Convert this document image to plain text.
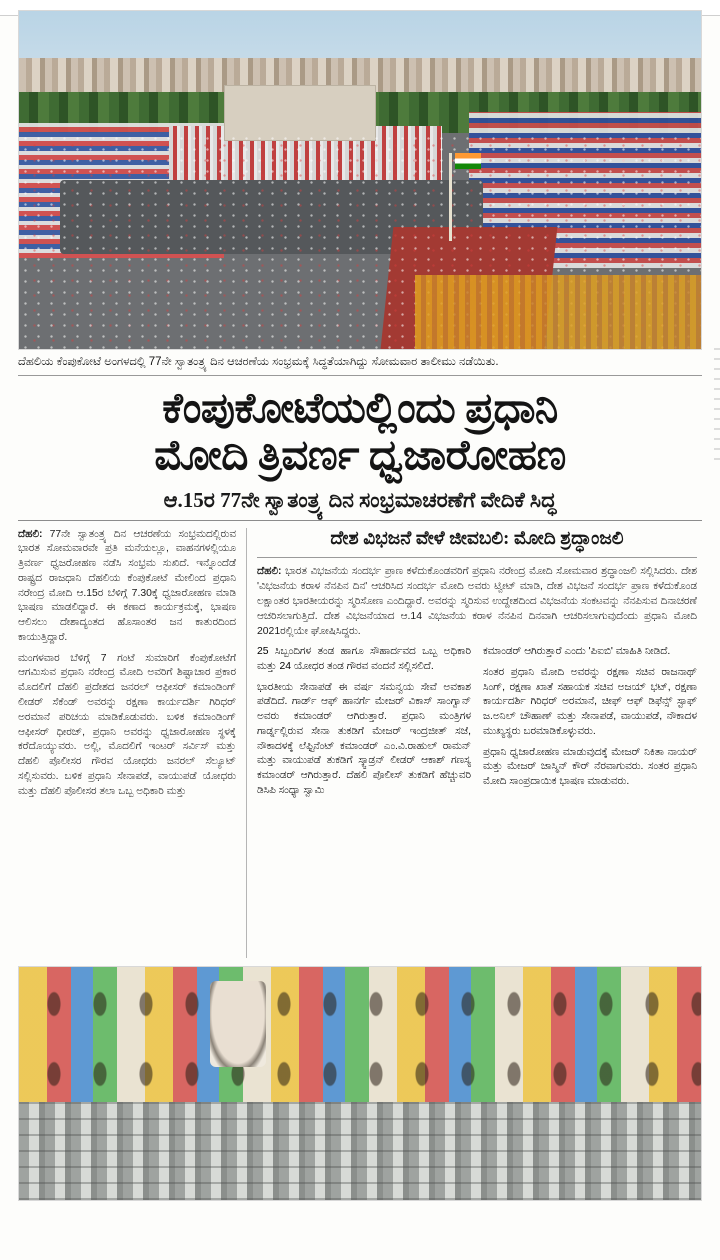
ದೆಹಲಿಯ ಕೆಂಪುಕೋಟೆ ಅಂಗಳದಲ್ಲಿ 77ನೇ ಸ್ವಾತಂತ್ರ್ಯ ದಿನ ಆಚರಣೆಯ ಸಂಭ್ರಮಕ್ಕೆ ಸಿದ್ಧತೆಯಾಗಿದ್ದು ಸೋಮವಾರ ತಾಲೀಮು ನಡೆಯಿತು.
ಕೆಂಪುಕೋಟೆಯಲ್ಲಿಂದು ಪ್ರಧಾನಿ
ಮೋದಿ ತ್ರಿವರ್ಣ ಧ್ವಜಾರೋಹಣ
ಆ.15ರ 77ನೇ ಸ್ವಾತಂತ್ರ್ಯ ದಿನ ಸಂಭ್ರಮಾಚರಣೆಗೆ ವೇದಿಕೆ ಸಿದ್ಧ

ದೆಹಲಿ: 77ನೇ ಸ್ವಾತಂತ್ರ್ಯ ದಿನ ಆಚರಣೆಯ ಸಂಭ್ರಮದಲ್ಲಿರುವ ಭಾರತ ಸೋಮವಾರವೇ ಪ್ರತಿ ಮನೆಯಲ್ಲೂ, ವಾಹನಗಳಲ್ಲಿಯೂ ತ್ರಿವರ್ಣ ಧ್ವಜರೋಹಣ ನಡೆಸಿ ಸಂಭ್ರಮ ಸುಖಿದೆ. ಇನ್ನೊಂದೆಡೆ ರಾಷ್ಟ್ರದ ರಾಜಧಾನಿ ದೆಹಲಿಯ ಕೆಂಪುಕೋಟೆ ಮೇಲಿಂದ ಪ್ರಧಾನಿ ನರೇಂದ್ರ ಮೋದಿ ಆ.15ರ ಬೆಳಿಗ್ಗೆ 7.30ಕ್ಕೆ ಧ್ವಜಾರೋಹಣ ಮಾಡಿ ಭಾಷಣ ಮಾಡಲಿದ್ದಾರೆ. ಈ ಕಣಾದ ಕಾರ್ಯಕ್ರಮಕ್ಕೆ, ಭಾಷಣ ಆಲಿಸಲು ದೇಶಾದ್ಯಂತದ ಹೊಸಾಂತರ ಜನ ಕಾತುರದಿಂದ ಕಾಯುತ್ತಿದ್ದಾರೆ.

ಮಂಗಳವಾರ ಬೆಳಿಗ್ಗೆ 7 ಗಂಟೆ ಸುಮಾರಿಗೆ ಕೆಂಪುಕೋಟೆಗೆ ಆಗಮಿಸುವ ಪ್ರಧಾನಿ ನರೇಂದ್ರ ಮೋದಿ ಅವರಿಗೆ ಶಿಷ್ಟಾಚಾರ ಪ್ರಕಾರ ಮೊದಲಿಗೆ ದೆಹಲಿ ಪ್ರದೇಶದ ಜನರಲ್ ಆಫೀಸರ್ ಕಮಾಂಡಿಂಗ್ ಲೀಡರ್ ಸೆಕೆಂಡ್ ಅವರನ್ನು ರಕ್ಷಣಾ ಕಾರ್ಯದರ್ಶಿ ಗಿರಿಧರ್ ಅರಮಾನೆ ಪರಿಚಯ ಮಾಡಿಕೊಡುವರು. ಬಳಿಕ ಕಮಾಂಡಿಂಗ್ ಆಫೀಸರ್ ಧೀರಜ್, ಪ್ರಧಾನಿ ಅವರನ್ನು ಧ್ವಜಾರೋಹಣ ಸ್ಥಳಕ್ಕೆ ಕರೆದೊಯ್ಯುವರು. ಅಲ್ಲಿ, ಮೊದಲಿಗೆ ಇಂಟರ್ ಸರ್ವಿಸ್ ಮತ್ತು ದೆಹಲಿ ಪೊಲೀಸರ ಗೌರವ ಯೋಧರು ಜನರಲ್ ಸೆಲ್ಯೂಟ್ ಸಲ್ಲಿಸುವರು. ಬಳಿಕ ಪ್ರಧಾನಿ ಸೇನಾಪಡೆ, ವಾಯುಪಡೆ ಯೋಧರು ಮತ್ತು ದೆಹಲಿ ಪೊಲೀಸರ ತಲಾ ಒಬ್ಬ ಅಧಿಕಾರಿ ಮತ್ತು

ದೇಶ ವಿಭಜನೆ ವೇಳೆ ಜೀವಬಲಿ: ಮೋದಿ ಶ್ರದ್ಧಾಂಜಲಿ

ದೆಹಲಿ: ಭಾರತ ವಿಭಜನೆಯ ಸಂದರ್ಭ ಪ್ರಾಣ ಕಳೆದುಕೊಂಡವರಿಗೆ ಪ್ರಧಾನಿ ನರೇಂದ್ರ ಮೋದಿ ಸೋಮವಾರ ಶ್ರದ್ಧಾಂಜಲಿ ಸಲ್ಲಿಸಿದರು. ದೇಶ 'ವಿಭಜನೆಯ ಕರಾಳ ನೆನಪಿನ ದಿನ' ಆಚರಿಸಿದ ಸಂದರ್ಭ ಮೋದಿ ಅವರು ಟ್ವೀಟ್ ಮಾಡಿ, ದೇಶ ವಿಭಜನೆ ಸಂದರ್ಭ ಪ್ರಾಣ ಕಳೆದುಕೊಂಡ ಲಕ್ಷಾಂತರ ಭಾರತೀಯರನ್ನು ಸ್ಮರಿಸೋಣ ಎಂದಿದ್ದಾರೆ. ಅವರನ್ನು ಸ್ಮರಿಸುವ ಉದ್ದೇಶದಿಂದ ವಿಭಜನೆಯ ಸಂಕಟವನ್ನು ನೆನಪಿಸುವ ದಿನಾಚರಣೆ ಆಚರಿಸಲಾಗುತ್ತಿದೆ. ದೇಶ ವಿಭಜನೆಯಾದ ಆ.14 ವಿಭಜನೆಯ ಕರಾಳ ನೆನಪಿನ ದಿನವಾಗಿ ಆಚರಿಸಲಾಗುವುದೆಂದು ಪ್ರಧಾನಿ ಮೋದಿ 2021ರಲ್ಲಿಯೇ ಘೋಷಿಸಿದ್ದರು.

25 ಸಿಬ್ಬಂದಿಗಳ ತಂಡ ಹಾಗೂ ಸೌಹಾರ್ದವದ ಒಬ್ಬ ಅಧಿಕಾರಿ ಮತ್ತು 24 ಯೋಧರ ತಂಡ ಗೌರವ ವಂದನೆ ಸಲ್ಲಿಸಲಿದೆ.

ಭಾರತೀಯ ಸೇನಾಪಡೆ ಈ ವರ್ಷ ಸಮನ್ವಯ ಸೇವೆ ಅವಕಾಶ ಪಡೆದಿದೆ. ಗಾರ್ಡ್ ಆಫ್ ಹಾನರ್ಗೆ ಮೇಜರ್ ವಿಕಾಸ್ ಸಾಂಗ್ವಾನ್ ಅವರು ಕಮಾಂಡರ್ ಆಗಿರುತ್ತಾರೆ. ಪ್ರಧಾನಿ ಮಂತ್ರಿಗಳ ಗಾರ್ಡ್ನಲ್ಲಿರುವ ಸೇನಾ ತುಕಡಿಗೆ ಮೇಜರ್ ಇಂದ್ರಜೀತ್ ಸಜೆ, ನೌಕಾದಳಕ್ಕೆ ಲೆಫ್ಟಿನೆಂಟ್ ಕಮಾಂಡರ್ ಎಂ.ವಿ.ರಾಹುಲ್ ರಾಮನ್ ಮತ್ತು ವಾಯುಪಡೆ ತುಕಡಿಗೆ ಸ್ಕ್ವಾಡ್ರನ್ ಲೀಡರ್ ಆಕಾಶ್ ಗಣಸ್ಯ ಕಮಾಂಡರ್ ಆಗಿರುತ್ತಾರೆ. ದೆಹಲಿ ಪೊಲೀಸ್ ತುಕಡಿಗೆ ಹೆಚ್ಚುವರಿ ಡಿಸಿಪಿ ಸಂಧ್ಯಾ ಸ್ವಾಮಿ

ಕಮಾಂಡರ್ ಆಗಿರುತ್ತಾರೆ ಎಂದು 'ಪಿಐಬಿ' ಮಾಹಿತಿ ನೀಡಿದೆ.

ಸಂತರ ಪ್ರಧಾನಿ ಮೋದಿ ಅವರನ್ನು ರಕ್ಷಣಾ ಸಚಿವ ರಾಜನಾಥ್ ಸಿಂಗ್, ರಕ್ಷಣಾ ಖಾತೆ ಸಹಾಯಕ ಸಚಿವ ಅಜಯ್ ಭಟ್, ರಕ್ಷಣಾ ಕಾರ್ಯದರ್ಶಿ ಗಿರಿಧರ್ ಅರಮಾನೆ, ಚೀಫ್ ಆಫ್ ಡಿಫೆನ್ಸ್ ಸ್ಟಾಫ್ ಜ.ಅನಿಲ್ ಚೌಹಾಣ್ ಮತ್ತು ಸೇನಾಪಡೆ, ವಾಯುಪಡೆ, ನೌಕಾದಳ ಮುಖ್ಯಸ್ಥರು ಬರಮಾಡಿಕೊಳ್ಳುವರು.

ಪ್ರಧಾನಿ ಧ್ವಜಾರೋಹಣ ಮಾಡುವುದಕ್ಕೆ ಮೇಜರ್ ನಿಕಿತಾ ನಾಯರ್ ಮತ್ತು ಮೇಜರ್ ಜಾಸ್ಮಿನ್ ಕೌರ್ ನೆರವಾಗುವರು. ಸಂತರ ಪ್ರಧಾನಿ ಮೋದಿ ಸಾಂಪ್ರದಾಯಿಕ ಭಾಷಣ ಮಾಡುವರು.
